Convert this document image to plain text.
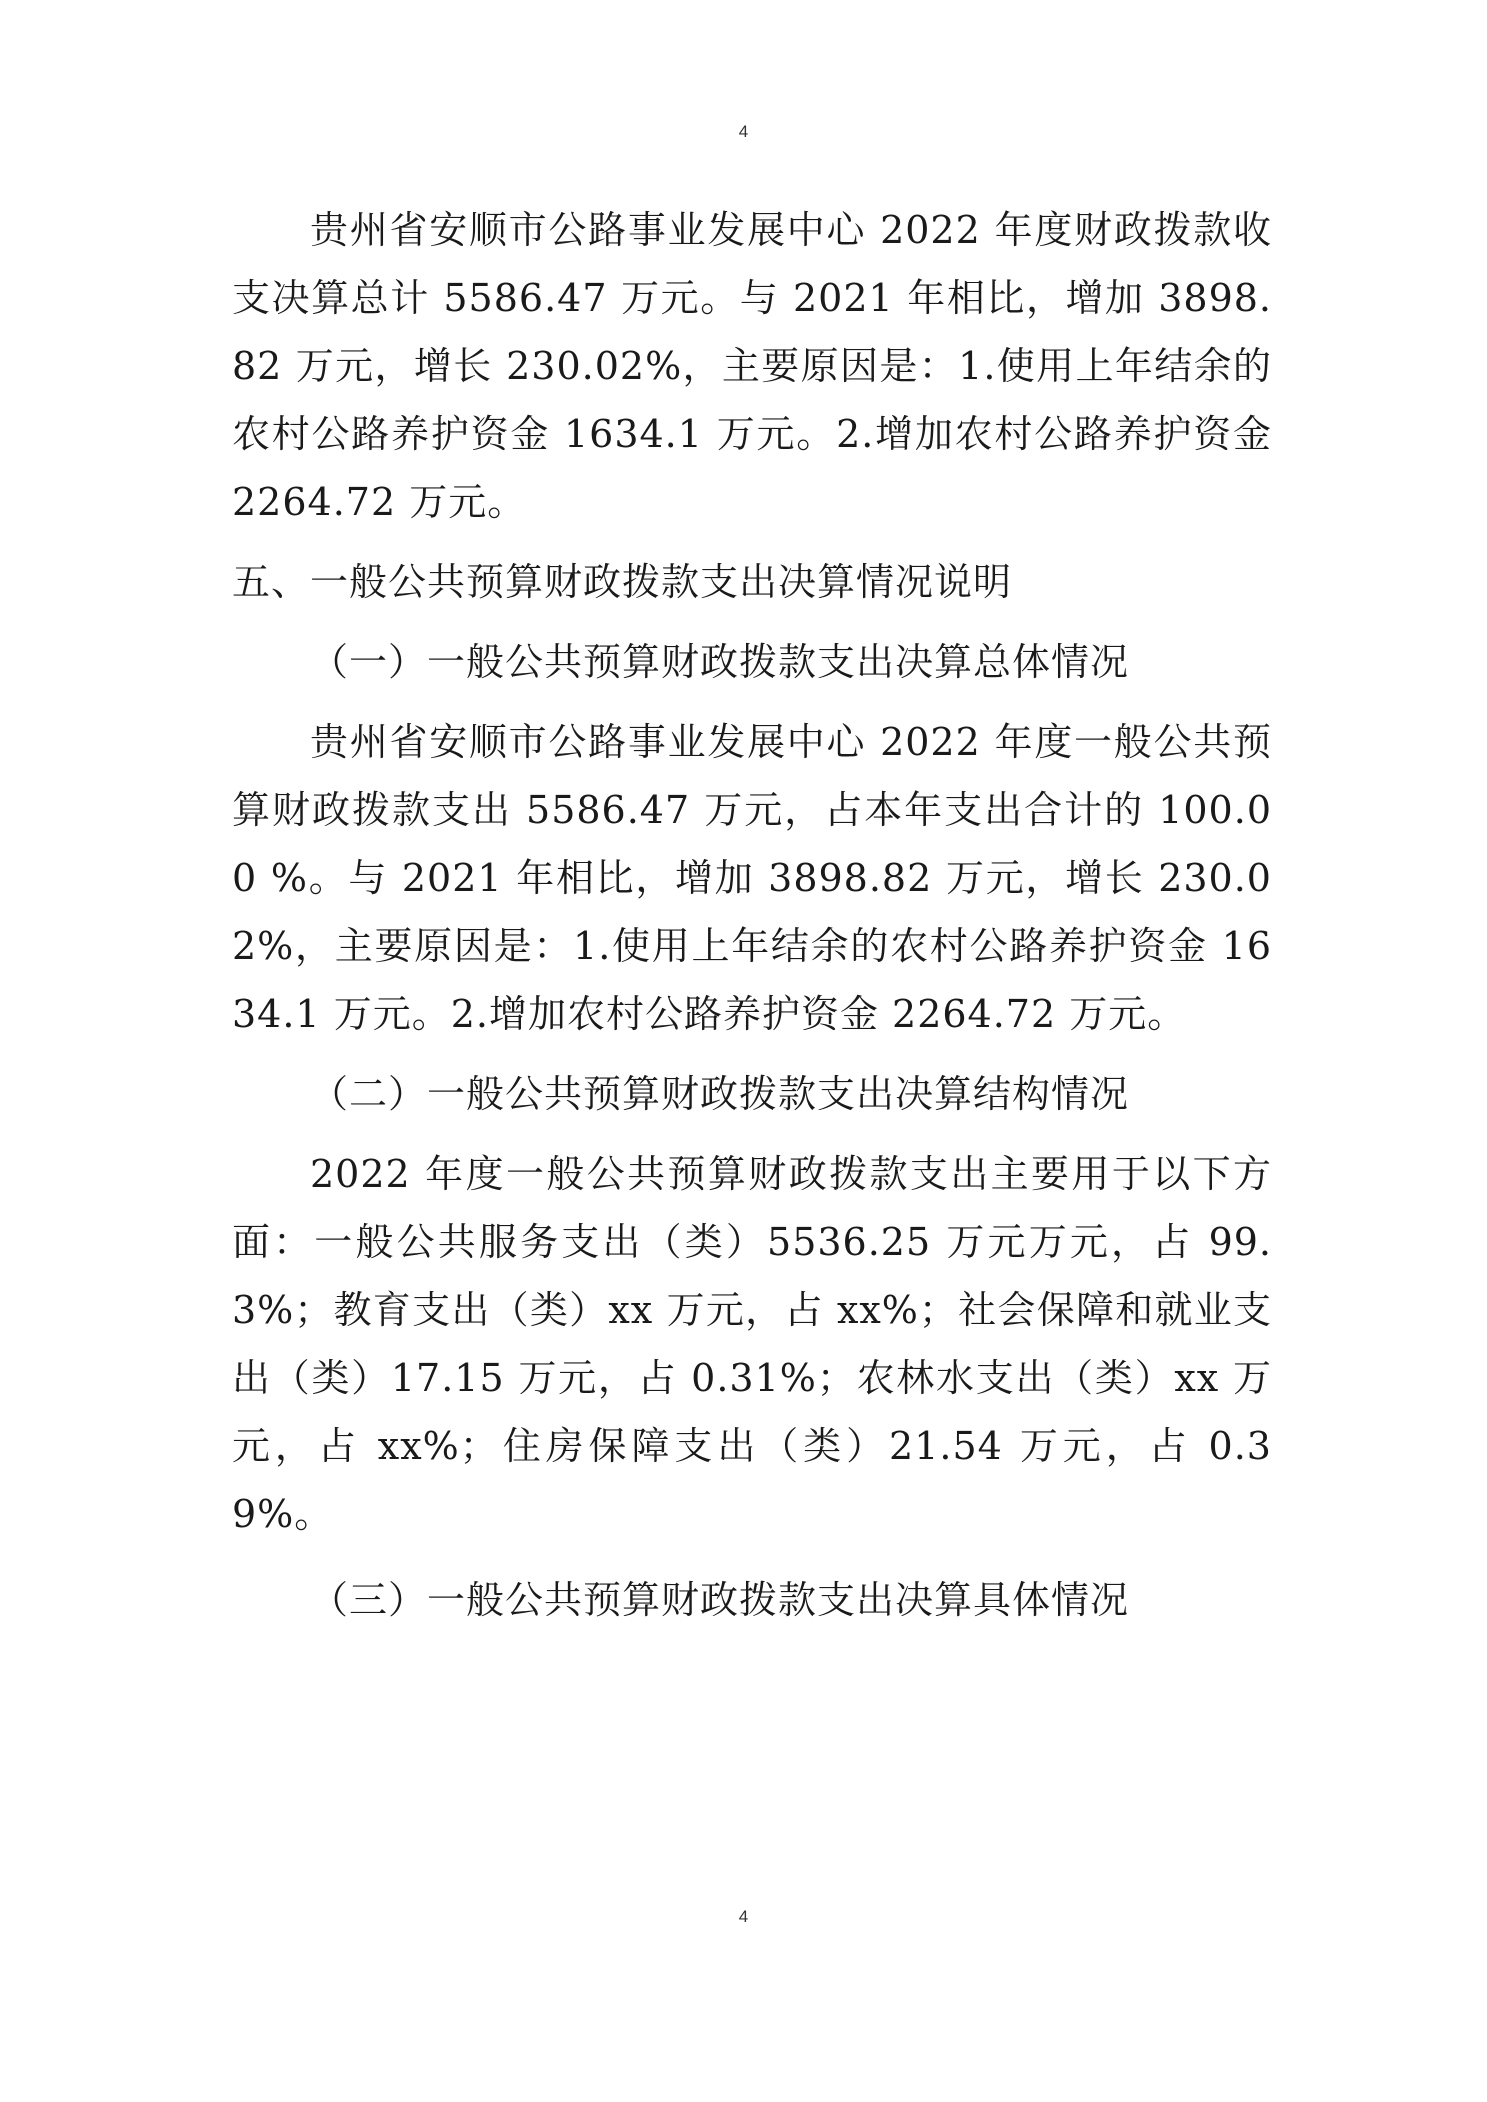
4

贵州省安顺市公路事业发展中心 2022 年度财政拨款收支决算总计 5586.47 万元。与 2021 年相比，增加 3898.82 万元，增长 230.02%，主要原因是：1.使用上年结余的农村公路养护资金 1634.1 万元。2.增加农村公路养护资金 2264.72 万元。

五、一般公共预算财政拨款支出决算情况说明

（一）一般公共预算财政拨款支出决算总体情况

贵州省安顺市公路事业发展中心 2022 年度一般公共预算财政拨款支出 5586.47 万元，占本年支出合计的 100.00 %。与 2021 年相比，增加 3898.82 万元，增长 230.02%，主要原因是：1.使用上年结余的农村公路养护资金 1634.1 万元。2.增加农村公路养护资金 2264.72 万元。

（二）一般公共预算财政拨款支出决算结构情况

2022 年度一般公共预算财政拨款支出主要用于以下方面：一般公共服务支出（类）5536.25 万元万元，占 99.3%；教育支出（类）xx 万元，占 xx%；社会保障和就业支出（类）17.15 万元，占 0.31%；农林水支出（类）xx 万元，占 xx%；住房保障支出（类）21.54 万元，占 0.39%。

（三）一般公共预算财政拨款支出决算具体情况

4
